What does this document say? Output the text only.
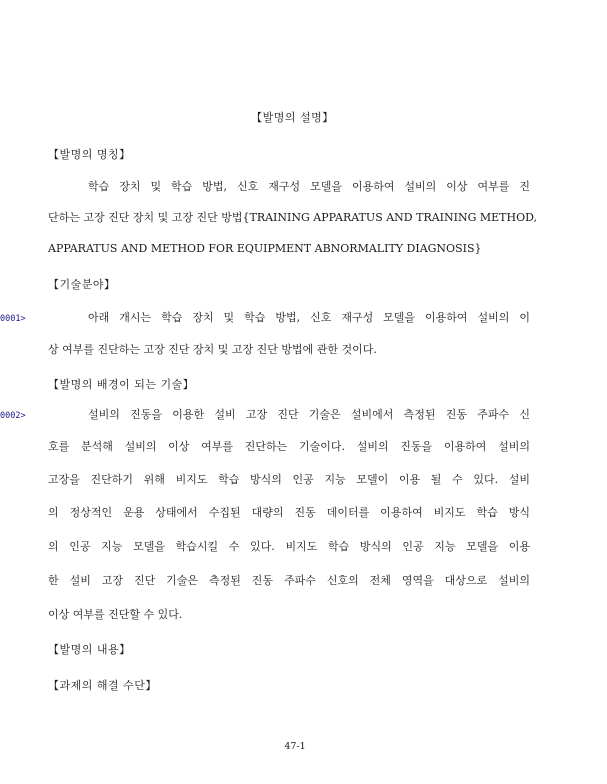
【발명의 설명】
【발명의 명칭】
학습 장치 및 학습 방법, 신호 재구성 모델을 이용하여 설비의 이상 여부를 진
단하는 고장 진단 장치 및 고장 진단 방법{TRAINING APPARATUS AND TRAINING METHOD,
APPARATUS AND METHOD FOR EQUIPMENT ABNORMALITY DIAGNOSIS}
【기술분야】
0001>	아래 개시는 학습 장치 및 학습 방법, 신호 재구성 모델을 이용하여 설비의 이
상 여부를 진단하는 고장 진단 장치 및 고장 진단 방법에 관한 것이다.
【발명의 배경이 되는 기술】
0002>	설비의 진동을 이용한 설비 고장 진단 기술은 설비에서 측정된 진동 주파수 신
호를 분석해 설비의 이상 여부를 진단하는 기술이다. 설비의 진동을 이용하여 설비의
고장을 진단하기 위해 비지도 학습 방식의 인공 지능 모델이 이용 될 수 있다. 설비
의 정상적인 운용 상태에서 수집된 대량의 진동 데이터를 이용하여 비지도 학습 방식
의 인공 지능 모델을 학습시킬 수 있다. 비지도 학습 방식의 인공 지능 모델을 이용
한 설비 고장 진단 기술은 측정된 진동 주파수 신호의 전체 영역을 대상으로 설비의
이상 여부를 진단할 수 있다.
【발명의 내용】
【과제의 해결 수단】
47-1
